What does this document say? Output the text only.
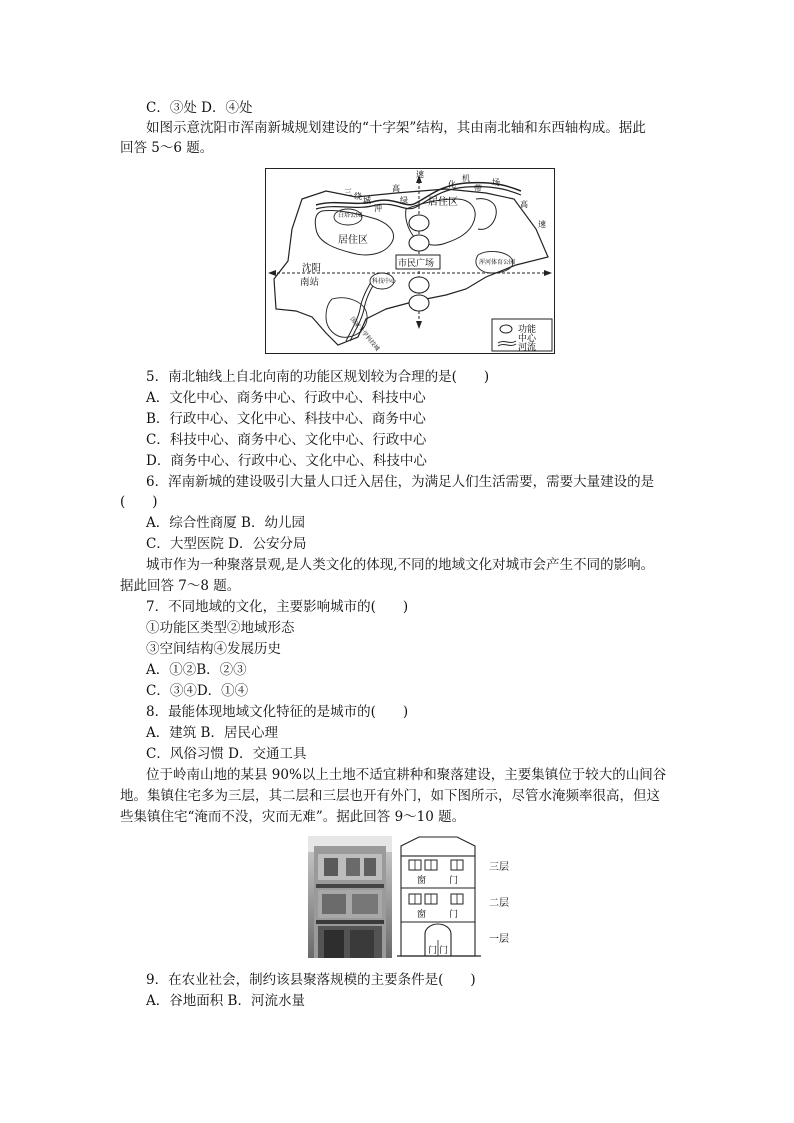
C．③处 D．④处
如图示意沈阳市浑南新城规划建设的“十字架”结构，其由南北轴和东西轴构成。据此
回答 5～6 题。
三
城
高
速
化
机	场
高
速
绕
沖
绿
带
居住区
居住区
白塔公园
市民广场	浑河体育公园
沈阳
南站	科技中心
国家大学科技城	功能
中心
河流
5．南北轴线上自北向南的功能区规划较为合理的是(　　)
A．文化中心、商务中心、行政中心、科技中心
B．行政中心、文化中心、科技中心、商务中心
C．科技中心、商务中心、文化中心、行政中心
D．商务中心、行政中心、文化中心、科技中心
6．浑南新城的建设吸引大量人口迁入居住，为满足人们生活需要，需要大量建设的是
(　　)
A．综合性商厦 B．幼儿园
C．大型医院 D．公安分局
城市作为一种聚落景观,是人类文化的体现,不同的地域文化对城市会产生不同的影响。
据此回答 7～8 题。
7．不同地域的文化，主要影响城市的(　　)
①功能区类型②地域形态
③空间结构④发展历史
A．①②B．②③
C．③④D．①④
8．最能体现地域文化特征的是城市的(　　)
A．建筑 B．居民心理
C．风俗习惯 D．交通工具
位于岭南山地的某县 90%以上土地不适宜耕种和聚落建设，主要集镇位于较大的山间谷
地。集镇住宅多为三层，其二层和三层也开有外门，如下图所示，尽管水淹频率很高，但这
些集镇住宅“淹而不没，灾而无难”。据此回答 9～10 题。
窗	门
窗	门
门 门
三层
二层
一层
9．在农业社会，制约该县聚落规模的主要条件是(　　)
A．谷地面积 B．河流水量
